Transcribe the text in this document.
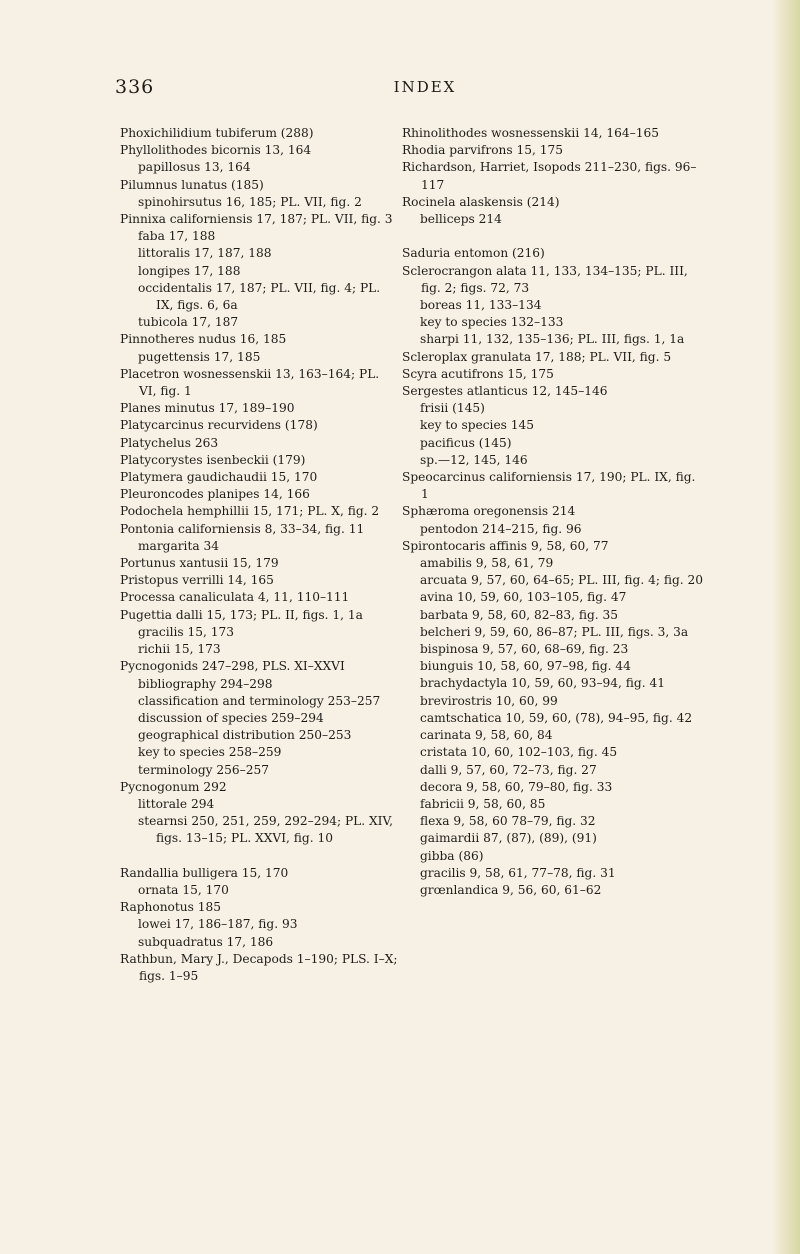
336	INDEX
Phoxichilidium tubiferum (288)
Phyllolithodes bicornis 13, 164
papillosus 13, 164
Pilumnus lunatus (185)
spinohirsutus 16, 185; PL. VII, fig. 2
Pinnixa californiensis 17, 187; PL. VII, fig. 3
faba 17, 188
littoralis 17, 187, 188
longipes 17, 188
occidentalis 17, 187; PL. VII, fig. 4; PL. IX, figs. 6, 6a
tubicola 17, 187
Pinnotheres nudus 16, 185
pugettensis 17, 185
Placetron wosnessenskii 13, 163–164; PL. VI, fig. 1
Planes minutus 17, 189–190
Platycarcinus recurvidens (178)
Platychelus 263
Platycorystes isenbeckii (179)
Platymera gaudichaudii 15, 170
Pleuroncodes planipes 14, 166
Podochela hemphillii 15, 171; PL. X, fig. 2
Pontonia californiensis 8, 33–34, fig. 11
margarita 34
Portunus xantusii 15, 179
Pristopus verrilli 14, 165
Processa canaliculata 4, 11, 110–111
Pugettia dalli 15, 173; PL. II, figs. 1, 1a
gracilis 15, 173
richii 15, 173
Pycnogonids 247–298, PLS. XI–XXVI
bibliography 294–298
classification and terminology 253–257
discussion of species 259–294
geographical distribution 250–253
key to species 258–259
terminology 256–257
Pycnogonum 292
littorale 294
stearnsi 250, 251, 259, 292–294; PL. XIV, figs. 13–15; PL. XXVI, fig. 10
Randallia bulligera 15, 170
ornata 15, 170
Raphonotus 185
lowei 17, 186–187, fig. 93
subquadratus 17, 186
Rathbun, Mary J., Decapods 1–190; PLS. I–X; figs. 1–95
Rhinolithodes wosnessenskii 14, 164–165
Rhodia parvifrons 15, 175
Richardson, Harriet, Isopods 211–230, figs. 96–117
Rocinela alaskensis (214)
belliceps 214
Saduria entomon (216)
Sclerocrangon alata 11, 133, 134–135; PL. III, fig. 2; figs. 72, 73
boreas 11, 133–134
key to species 132–133
sharpi 11, 132, 135–136; PL. III, figs. 1, 1a
Scleroplax granulata 17, 188; PL. VII, fig. 5
Scyra acutifrons 15, 175
Sergestes atlanticus 12, 145–146
frisii (145)
key to species 145
pacificus (145)
sp.—12, 145, 146
Speocarcinus californiensis 17, 190; PL. IX, fig. 1
Sphæroma oregonensis 214
pentodon 214–215, fig. 96
Spirontocaris affinis 9, 58, 60, 77
amabilis 9, 58, 61, 79
arcuata 9, 57, 60, 64–65; PL. III, fig. 4; fig. 20
avina 10, 59, 60, 103–105, fig. 47
barbata 9, 58, 60, 82–83, fig. 35
belcheri 9, 59, 60, 86–87; PL. III, figs. 3, 3a
bispinosa 9, 57, 60, 68–69, fig. 23
biunguis 10, 58, 60, 97–98, fig. 44
brachydactyla 10, 59, 60, 93–94, fig. 41
brevirostris 10, 60, 99
camtschatica 10, 59, 60, (78), 94–95, fig. 42
carinata 9, 58, 60, 84
cristata 10, 60, 102–103, fig. 45
dalli 9, 57, 60, 72–73, fig. 27
decora 9, 58, 60, 79–80, fig. 33
fabricii 9, 58, 60, 85
flexa 9, 58, 60 78–79, fig. 32
gaimardii 87, (87), (89), (91)
gibba (86)
gracilis 9, 58, 61, 77–78, fig. 31
grœnlandica 9, 56, 60, 61–62
